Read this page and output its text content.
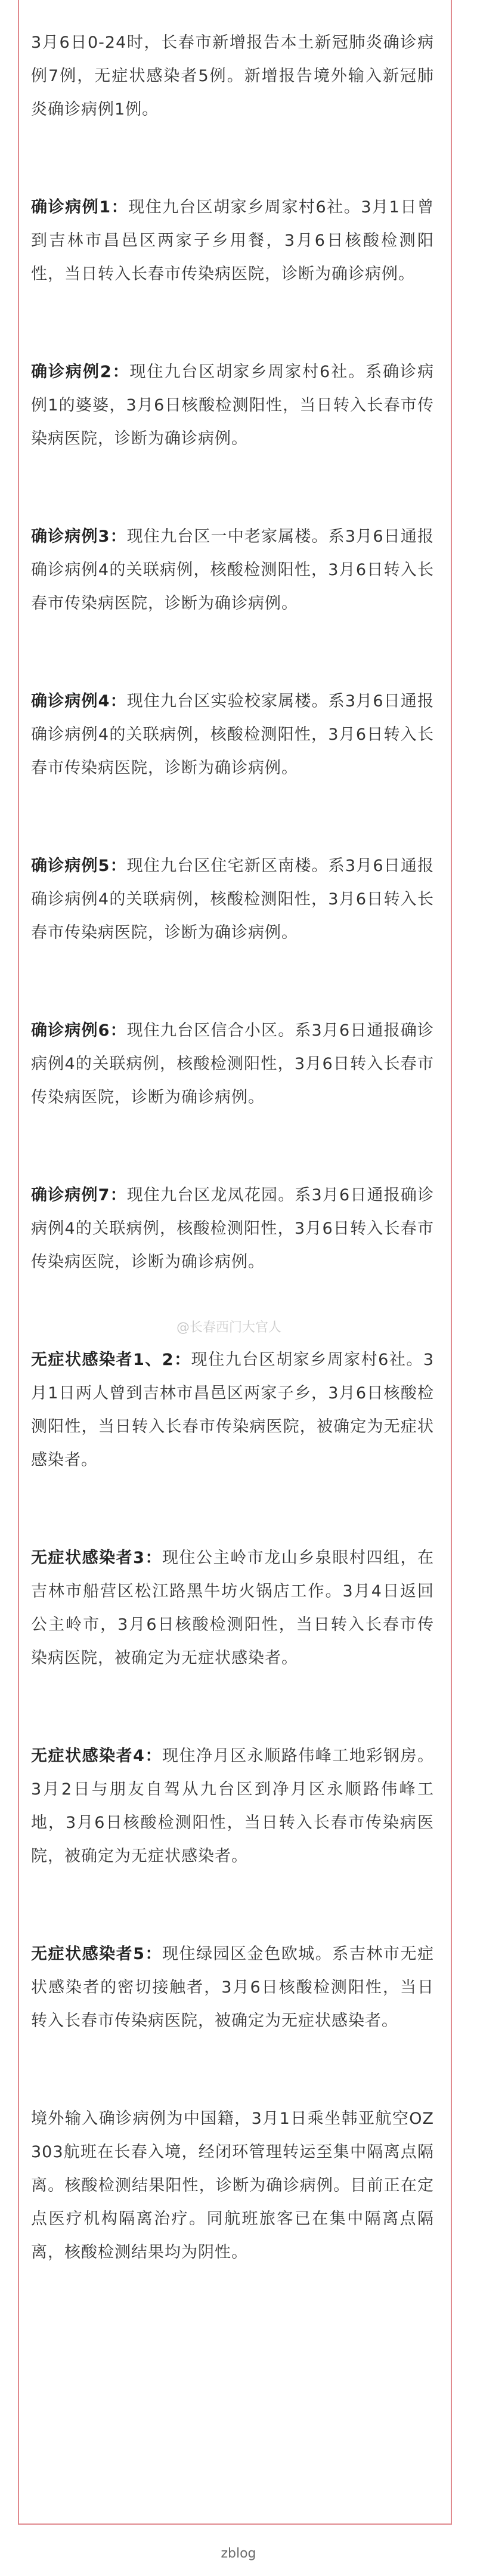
3月6日0-24时，长春市新增报告本土新冠肺炎确诊病例7例，无症状感染者5例。新增报告境外输入新冠肺炎确诊病例1例。

确诊病例1：现住九台区胡家乡周家村6社。3月1日曾到吉林市昌邑区两家子乡用餐，3月6日核酸检测阳性，当日转入长春市传染病医院，诊断为确诊病例。

确诊病例2：现住九台区胡家乡周家村6社。系确诊病例1的婆婆，3月6日核酸检测阳性，当日转入长春市传染病医院，诊断为确诊病例。

确诊病例3：现住九台区一中老家属楼。系3月6日通报确诊病例4的关联病例，核酸检测阳性，3月6日转入长春市传染病医院，诊断为确诊病例。

确诊病例4：现住九台区实验校家属楼。系3月6日通报确诊病例4的关联病例，核酸检测阳性，3月6日转入长春市传染病医院，诊断为确诊病例。

确诊病例5：现住九台区住宅新区南楼。系3月6日通报确诊病例4的关联病例，核酸检测阳性，3月6日转入长春市传染病医院，诊断为确诊病例。

确诊病例6：现住九台区信合小区。系3月6日通报确诊病例4的关联病例，核酸检测阳性，3月6日转入长春市传染病医院，诊断为确诊病例。

确诊病例7：现住九台区龙凤花园。系3月6日通报确诊病例4的关联病例，核酸检测阳性，3月6日转入长春市传染病医院，诊断为确诊病例。

无症状感染者1、2：现住九台区胡家乡周家村6社。3月1日两人曾到吉林市昌邑区两家子乡，3月6日核酸检测阳性，当日转入长春市传染病医院，被确定为无症状感染者。

无症状感染者3：现住公主岭市龙山乡泉眼村四组，在吉林市船营区松江路黑牛坊火锅店工作。3月4日返回公主岭市，3月6日核酸检测阳性，当日转入长春市传染病医院，被确定为无症状感染者。

无症状感染者4：现住净月区永顺路伟峰工地彩钢房。3月2日与朋友自驾从九台区到净月区永顺路伟峰工地，3月6日核酸检测阳性，当日转入长春市传染病医院，被确定为无症状感染者。

无症状感染者5：现住绿园区金色欧城。系吉林市无症状感染者的密切接触者，3月6日核酸检测阳性，当日转入长春市传染病医院，被确定为无症状感染者。

境外输入确诊病例为中国籍，3月1日乘坐韩亚航空OZ303航班在长春入境，经闭环管理转运至集中隔离点隔离。核酸检测结果阳性，诊断为确诊病例。目前正在定点医疗机构隔离治疗。同航班旅客已在集中隔离点隔离，核酸检测结果均为阴性。

@长春西门大官人
zblog
